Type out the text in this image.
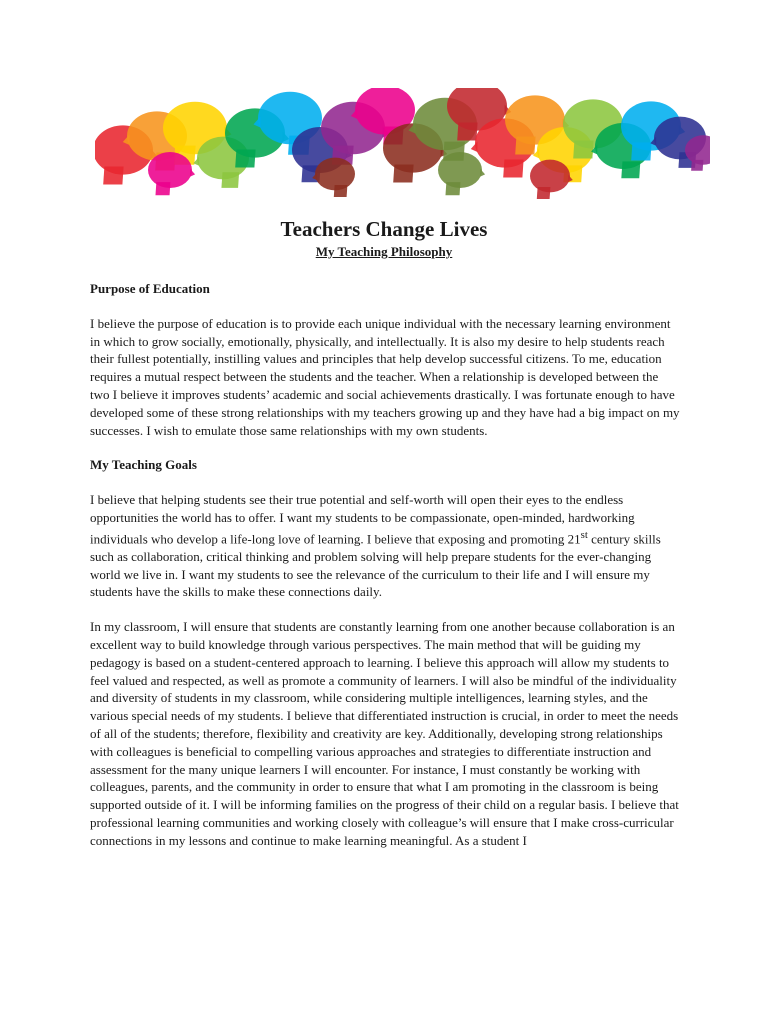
Teachers Change Lives
My Teaching Philosophy
Purpose of Education

I believe the purpose of education is to provide each unique individual with the necessary learning environment in which to grow socially, emotionally, physically, and intellectually. It is also my desire to help students reach their fullest potentially, instilling values and principles that help develop successful citizens. To me, education requires a mutual respect between the students and the teacher. When a relationship is developed between the two I believe it improves students’ academic and social achievements drastically. I was fortunate enough to have developed some of these strong relationships with my teachers growing up and they have had a big impact on my successes. I wish to emulate those same relationships with my own students.

My Teaching Goals

I believe that helping students see their true potential and self-worth will open their eyes to the endless opportunities the world has to offer. I want my students to be compassionate, open-minded, hardworking individuals who develop a life-long love of learning. I believe that exposing and promoting 21st century skills such as collaboration, critical thinking and problem solving will help prepare students for the ever-changing world we live in. I want my students to see the relevance of the curriculum to their life and I will ensure my students have the skills to make these connections daily.

In my classroom, I will ensure that students are constantly learning from one another because collaboration is an excellent way to build knowledge through various perspectives. The main method that will be guiding my pedagogy is based on a student-centered approach to learning. I believe this approach will allow my students to feel valued and respected, as well as promote a community of learners. I will also be mindful of the individuality and diversity of students in my classroom, while considering multiple intelligences, learning styles, and the various special needs of my students. I believe that differentiated instruction is crucial, in order to meet the needs of all of the students; therefore, flexibility and creativity are key. Additionally, developing strong relationships with colleagues is beneficial to compelling various approaches and strategies to differentiate instruction and assessment for the many unique learners I will encounter. For instance, I must constantly be working with colleagues, parents, and the community in order to ensure that what I am promoting in the classroom is being supported outside of it. I will be informing families on the progress of their child on a regular basis. I believe that professional learning communities and working closely with colleague’s will ensure that I make cross-curricular connections in my lessons and continue to make learning meaningful. As a student I
